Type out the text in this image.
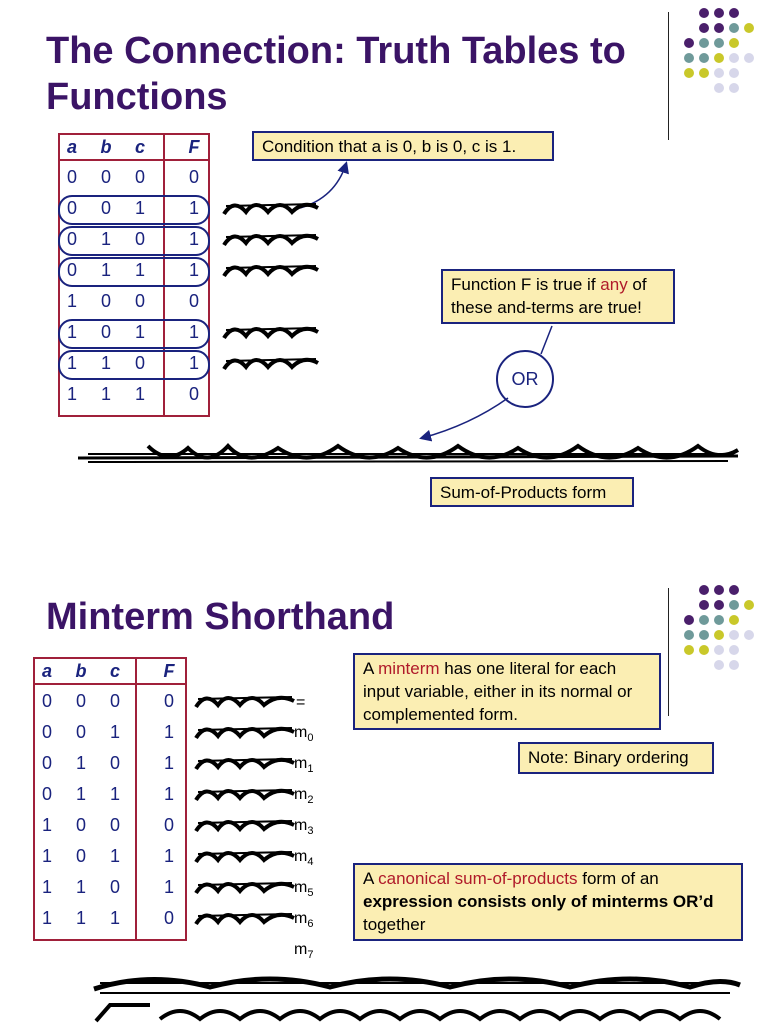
The Connection: Truth Tables to Functions
a	b	c	F
0	0	0	0
0	0	1	1
0	1	0	1
0	1	1	1
1	0	0	0
1	0	1	1
1	1	0	1
1	1	1	0
Condition that a is 0, b is 0, c is 1.
Function F is true if any of these and-terms are true!
OR
Sum-of-Products form
Minterm Shorthand
a	b	c	F
0	0	0	0
0	0	1	1
0	1	0	1
0	1	1	1
1	0	0	0
1	0	1	1
1	1	0	1
1	1	1	0
A minterm has one literal for each input variable, either in its normal or complemented form.
Note: Binary ordering
A canonical sum-of-products form of an expression consists only of minterms OR’d together
=
$m_0$
$m_1$
$m_2$
$m_3$
$m_4$
$m_5$
$m_6$
$m_7$
